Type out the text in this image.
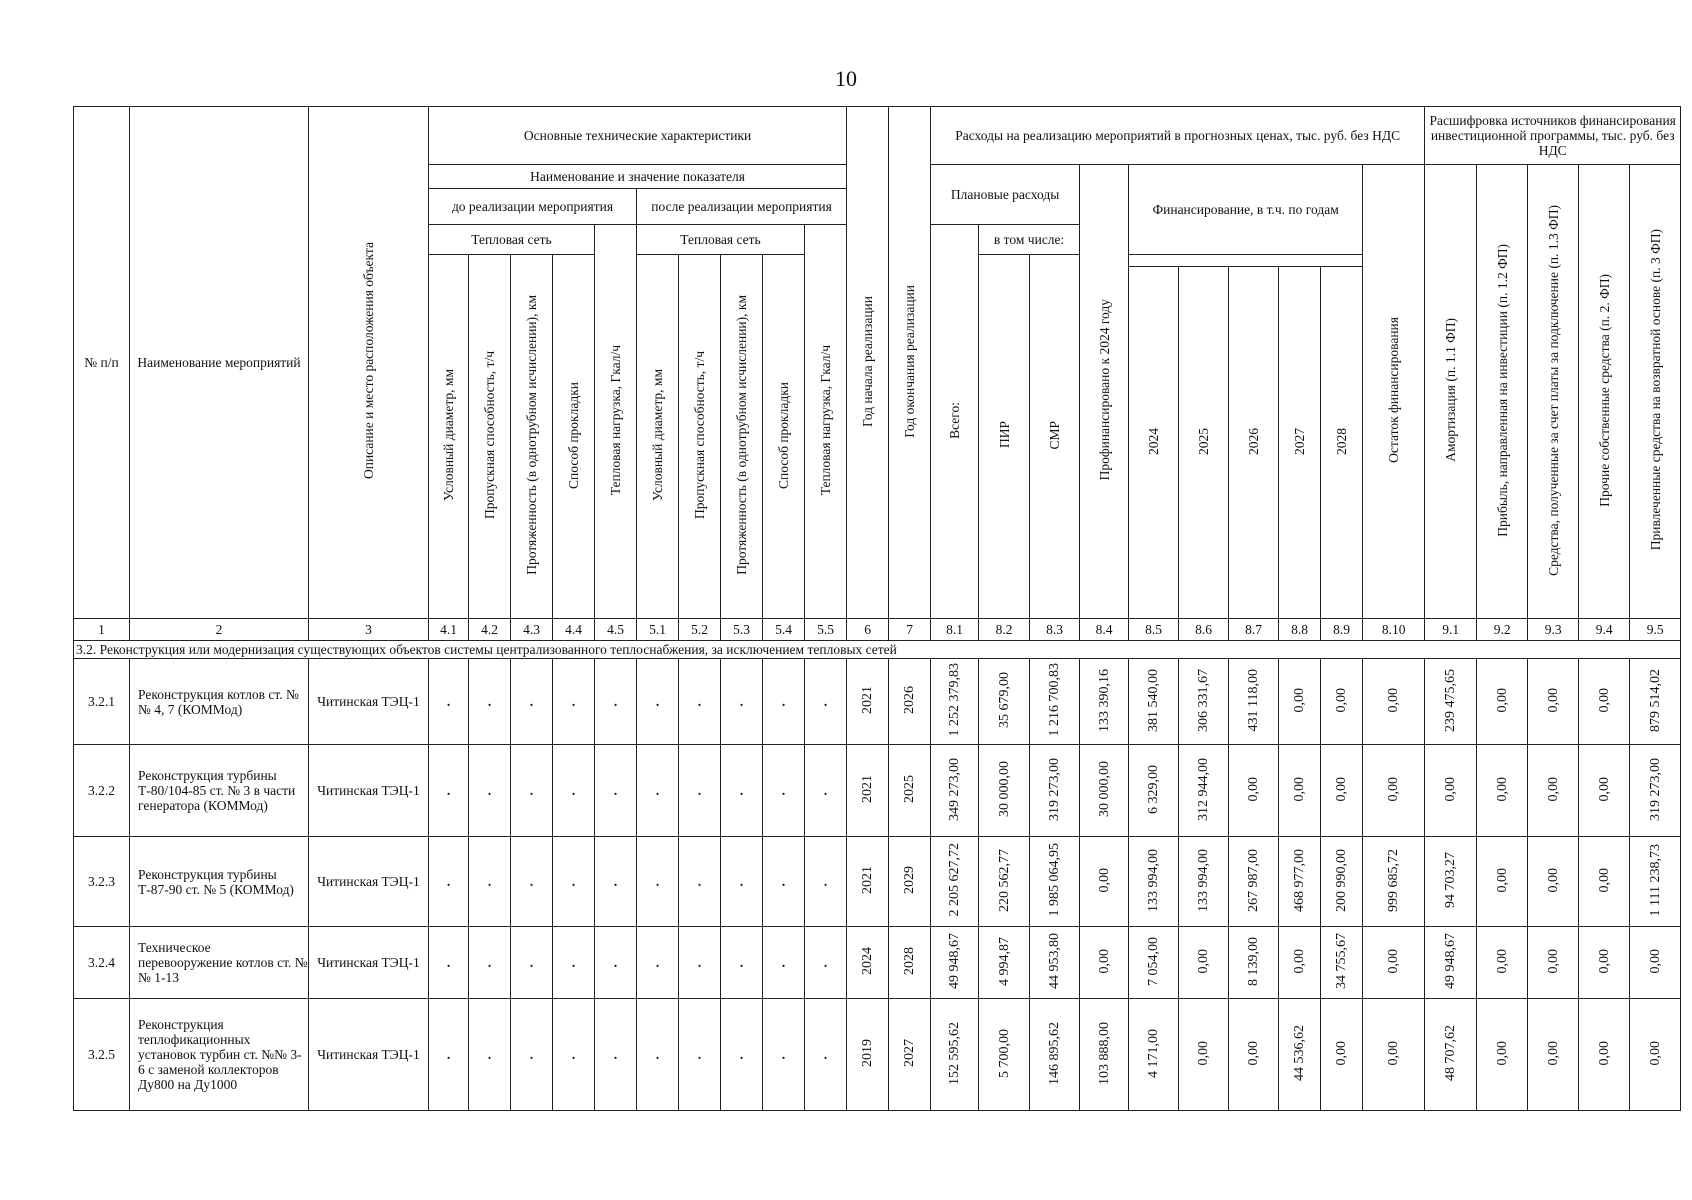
10
№ п/п	Наименование мероприятий	Описание и место расположения объекта	Основные технические характеристики										Год начала реализации	Год окончания реализации	Расходы на реализацию мероприятий в прогнозных ценах, тыс. руб. без НДС										Расшифровка источников финансирования инвестиционной программы, тыс. руб. без НДС				
			Наименование и значение показателя												Плановые расходы			Профинансировано к 2024 году	Финансирование, в т.ч. по годам					Остаток финансирования	Амортизация (п. 1.1 ФП)	Прибыль, направленная на инвестиции (п. 1.2 ФП)	Средства, полученные за счет платы за подключение (п. 1.3 ФП)	Прочие собственные средства (п. 2. ФП)	Привлеченные средства на возвратной основе (п. 3 ФП)
			до реализации мероприятия					после реализации мероприятия																					
			Тепловая сеть				Тепловая нагрузка, Гкал/ч	Тепловая сеть				Тепловая нагрузка, Гкал/ч			Всего:	в том числе:													
			Условный диаметр, мм	Пропускная способность, т/ч	Протяженность (в однотрубном исчислении), км	Способ прокладки		Условный диаметр, мм	Пропускная способность, т/ч	Протяженность (в однотрубном исчислении), км	Способ прокладки					ПИР	СМР												
																			2024	2025	2026	2027	2028						

1	2	3	4.1	4.2	4.3	4.4	4.5	5.1	5.2	5.3	5.4	5.5	6	7	8.1	8.2	8.3	8.4	8.5	8.6	8.7	8.8	8.9	8.10	9.1	9.2	9.3	9.4	9.5
3.2. Реконструкция или модернизация существующих объектов системы централизованного теплоснабжения, за исключением тепловых сетей																													
3.2.1	Реконструкция котлов ст. №№ 4, 7 (КОММод)	Читинская ТЭЦ-1	.	.	.	.	.	.	.	.	.	.	2021	2026	1 252 379,83	35 679,00	1 216 700,83	133 390,16	381 540,00	306 331,67	431 118,00	0,00	0,00	0,00	239 475,65	0,00	0,00	0,00	879 514,02
3.2.2	Реконструкция турбины Т-80/104-85 ст. № 3 в части генератора (КОММод)	Читинская ТЭЦ-1	.	.	.	.	.	.	.	.	.	.	2021	2025	349 273,00	30 000,00	319 273,00	30 000,00	6 329,00	312 944,00	0,00	0,00	0,00	0,00	0,00	0,00	0,00	0,00	319 273,00
3.2.3	Реконструкция турбины Т-87-90 ст. № 5 (КОММод)	Читинская ТЭЦ-1	.	.	.	.	.	.	.	.	.	.	2021	2029	2 205 627,72	220 562,77	1 985 064,95	0,00	133 994,00	133 994,00	267 987,00	468 977,00	200 990,00	999 685,72	94 703,27	0,00	0,00	0,00	1 111 238,73
3.2.4	Техническое перевооружение котлов ст. №№ 1-13	Читинская ТЭЦ-1	.	.	.	.	.	.	.	.	.	.	2024	2028	49 948,67	4 994,87	44 953,80	0,00	7 054,00	0,00	8 139,00	0,00	34 755,67	0,00	49 948,67	0,00	0,00	0,00	0,00
3.2.5	Реконструкция теплофикационных установок турбин ст. №№ 3-6 с заменой коллекторов Ду800 на Ду1000	Читинская ТЭЦ-1	.	.	.	.	.	.	.	.	.	.	2019	2027	152 595,62	5 700,00	146 895,62	103 888,00	4 171,00	0,00	0,00	44 536,62	0,00	0,00	48 707,62	0,00	0,00	0,00	0,00
